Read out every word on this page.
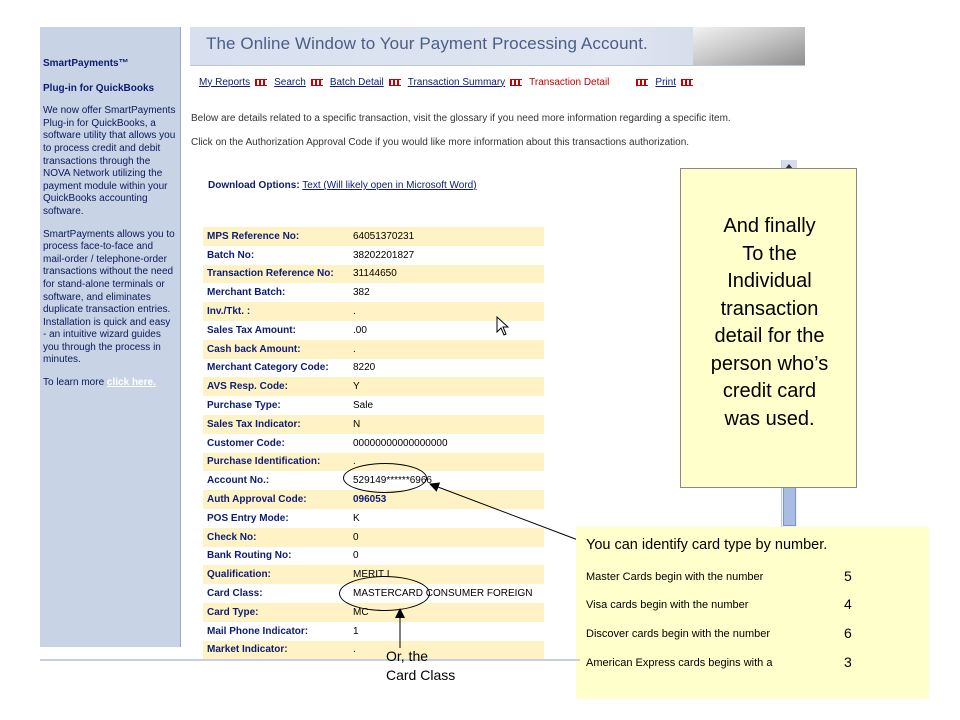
SmartPayments™
Plug-in for QuickBooks
We now offer SmartPayments Plug-in for QuickBooks, a software utility that allows you to process credit and debit transactions through the NOVA Network utilizing the payment module within your QuickBooks accounting software.
SmartPayments allows you to process face-to-face and mail-order / telephone-order transactions without the need for stand-alone terminals or software, and eliminates duplicate transaction entries. Installation is quick and easy - an intuitive wizard guides you through the process in minutes.
To learn more click here.
The Online Window to Your Payment Processing Account.
My Reports Search Batch Detail Transaction Summary Transaction Detail	Print
Below are details related to a specific transaction, visit the glossary if you need more information regarding a specific item.
Click on the Authorization Approval Code if you would like more information about this transactions authorization.
Download Options: Text (Will likely open in Microsoft Word)
MPS Reference No:	64051370231
Batch No:	38202201827
Transaction Reference No:	31144650
Merchant Batch:	382
Inv./Tkt. :	.
Sales Tax Amount:	.00
Cash back Amount:	.
Merchant Category Code:	8220
AVS Resp. Code:	Y
Purchase Type:	Sale
Sales Tax Indicator:	N
Customer Code:	00000000000000000
Purchase Identification:	.
Account No.:	529149******6966
Auth Approval Code:	096053
POS Entry Mode:	K
Check No:	0
Bank Routing No:	0
Qualification:	MERIT I
Card Class:	MASTERCARD CONSUMER FOREIGN
Card Type:	MC
Mail Phone Indicator:	1
Market Indicator:	.
And finally
To the
Individual
transaction
detail for the
person who’s
credit card
was used.
You can identify card type by number.
Master Cards begin with the number	5
Visa cards begin with the number	4
Discover cards begin with the number	6
American Express cards begins with a	3
Or, the
Card Class
